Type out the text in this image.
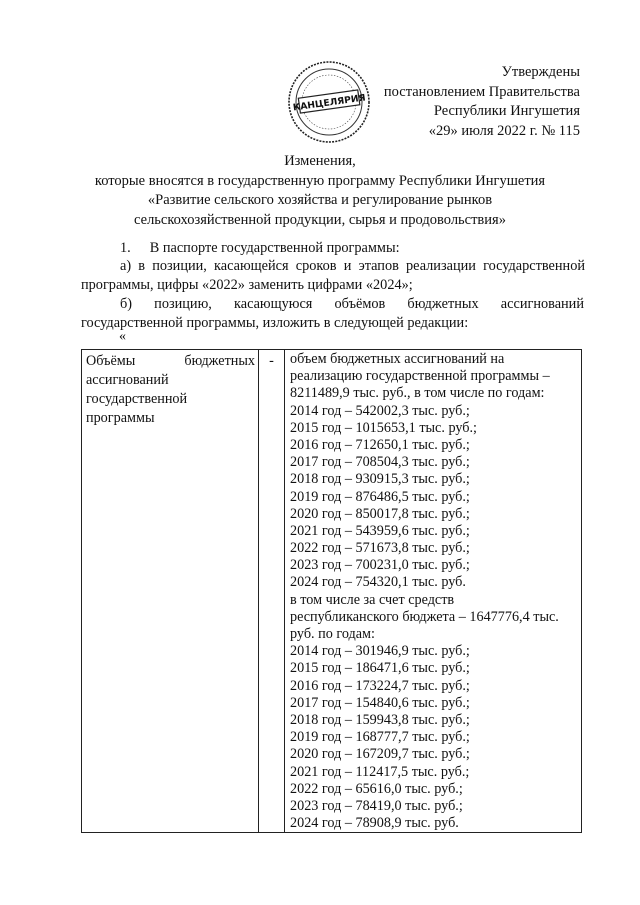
КАНЦЕЛЯРИЯ
Утверждены
постановлением Правительства
Республики Ингушетия
«29» июля 2022 г. № 115
Изменения,
которые вносятся в государственную программу Республики Ингушетия
«Развитие сельского хозяйства и регулирование рынков
сельскохозяйственной продукции, сырья и продовольствия»
1. В паспорте государственной программы:
а) в позиции, касающейся сроков и этапов реализации государственной
программы, цифры «2022» заменить цифрами «2024»;
б) позицию, касающуюся объёмов бюджетных ассигнований
государственной программы, изложить в следующей редакции:
«
Объёмы бюджетных
ассигнований
государственной
программы
	-	объем бюджетных ассигнований на
реализацию государственной программы –
8211489,9 тыс. руб., в том числе по годам:
2014 год – 542002,3 тыс. руб.;
2015 год – 1015653,1 тыс. руб.;
2016 год – 712650,1 тыс. руб.;
2017 год – 708504,3 тыс. руб.;
2018 год – 930915,3 тыс. руб.;
2019 год – 876486,5 тыс. руб.;
2020 год – 850017,8 тыс. руб.;
2021 год – 543959,6 тыс. руб.;
2022 год – 571673,8 тыс. руб.;
2023 год – 700231,0 тыс. руб.;
2024 год – 754320,1 тыс. руб.
в том числе за счет средств
республиканского бюджета – 1647776,4 тыс.
руб. по годам:
2014 год – 301946,9 тыс. руб.;
2015 год – 186471,6 тыс. руб.;
2016 год – 173224,7 тыс. руб.;
2017 год – 154840,6 тыс. руб.;
2018 год – 159943,8 тыс. руб.;
2019 год – 168777,7 тыс. руб.;
2020 год – 167209,7 тыс. руб.;
2021 год – 112417,5 тыс. руб.;
2022 год – 65616,0 тыс. руб.;
2023 год – 78419,0 тыс. руб.;
2024 год – 78908,9 тыс. руб.
